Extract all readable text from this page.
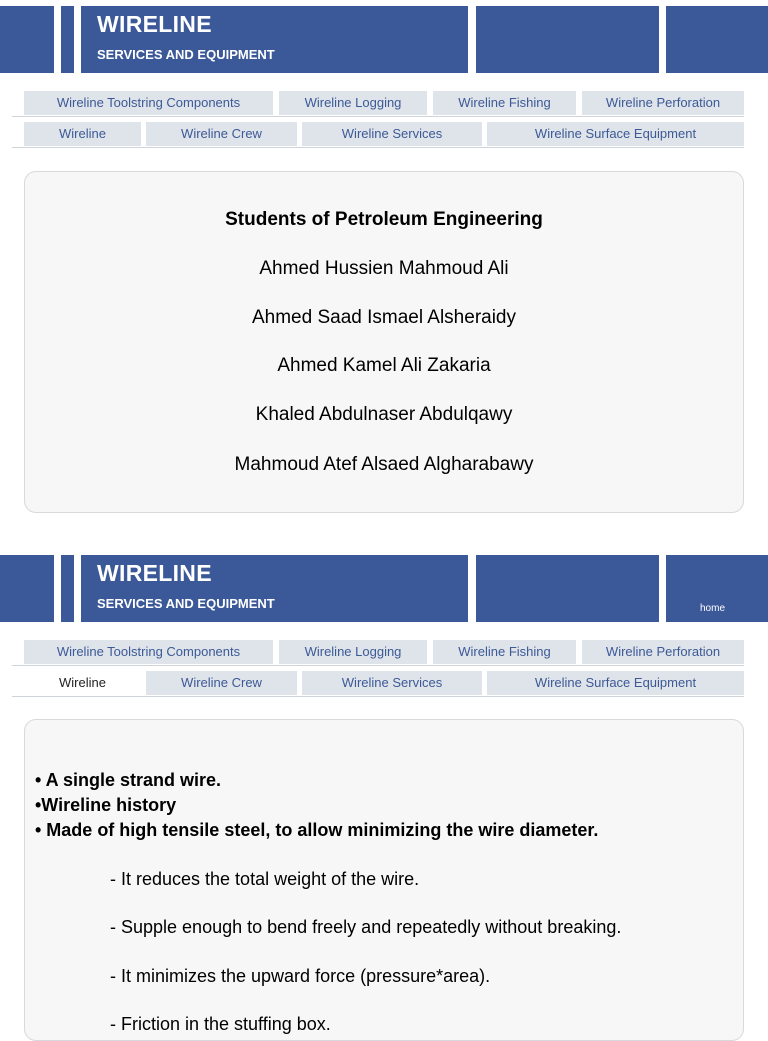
WIRELINE
SERVICES AND EQUIPMENT
Wireline Toolstring Components	Wireline Logging	Wireline Fishing	Wireline Perforation
Wireline	Wireline Crew	Wireline Services	Wireline Surface Equipment
Students of Petroleum Engineering
Ahmed Hussien Mahmoud Ali
Ahmed Saad Ismael Alsheraidy
Ahmed Kamel Ali Zakaria
Khaled Abdulnaser Abdulqawy
Mahmoud Atef Alsaed Algharabawy
WIRELINE
SERVICES AND EQUIPMENT	home
Wireline Toolstring Components	Wireline Logging	Wireline Fishing	Wireline Perforation
Wireline	Wireline Crew	Wireline Services	Wireline Surface Equipment
• A single strand wire.
•Wireline history
• Made of high tensile steel, to allow minimizing the wire diameter.
- It reduces the total weight of the wire.
- Supple enough to bend freely and repeatedly without breaking.
- It minimizes the upward force (pressure*area).
- Friction in the stuffing box.
